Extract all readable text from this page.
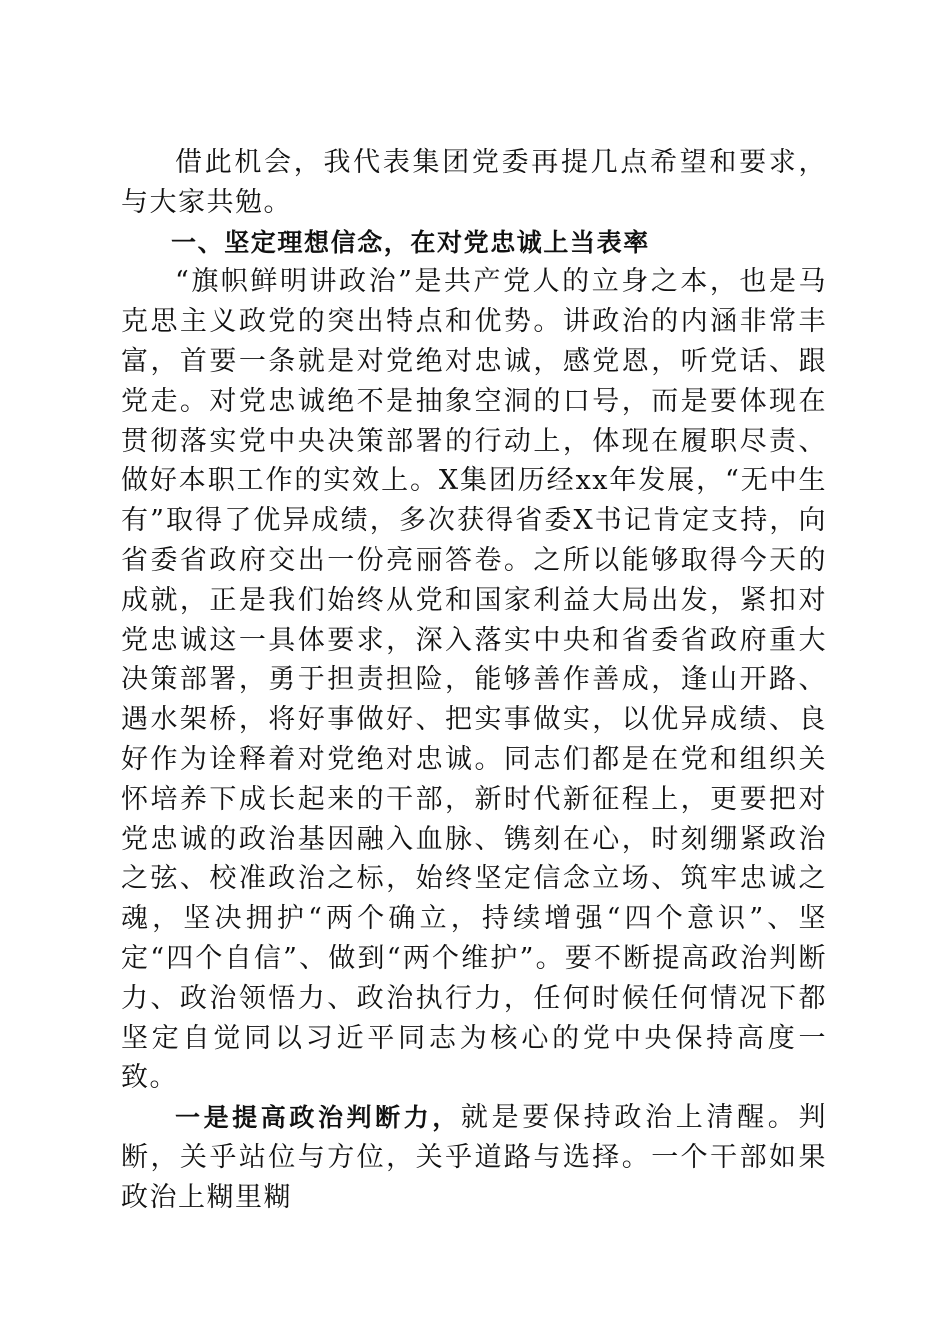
借此机会，我代表集团党委再提几点希望和要求，与大家共勉。

一、坚定理想信念，在对党忠诚上当表率

“旗帜鲜明讲政治”是共产党人的立身之本，也是马克思主义政党的突出特点和优势。讲政治的内涵非常丰富，首要一条就是对党绝对忠诚，感党恩，听党话、跟党走。对党忠诚绝不是抽象空洞的口号，而是要体现在贯彻落实党中央决策部署的行动上，体现在履职尽责、做好本职工作的实效上。X集团历经xx年发展，“无中生有”取得了优异成绩，多次获得省委X书记肯定支持，向省委省政府交出一份亮丽答卷。之所以能够取得今天的成就，正是我们始终从党和国家利益大局出发，紧扣对党忠诚这一具体要求，深入落实中央和省委省政府重大决策部署，勇于担责担险，能够善作善成，逢山开路、遇水架桥，将好事做好、把实事做实，以优异成绩、良好作为诠释着对党绝对忠诚。同志们都是在党和组织关怀培养下成长起来的干部，新时代新征程上，更要把对党忠诚的政治基因融入血脉、镌刻在心，时刻绷紧政治之弦、校准政治之标，始终坚定信念立场、筑牢忠诚之魂，坚决拥护“两个确立，持续增强“四个意识”、坚定“四个自信”、做到“两个维护”。要不断提高政治判断力、政治领悟力、政治执行力，任何时候任何情况下都坚定自觉同以习近平同志为核心的党中央保持高度一致。

一是提高政治判断力，就是要保持政治上清醒。判断，关乎站位与方位，关乎道路与选择。一个干部如果政治上糊里糊
